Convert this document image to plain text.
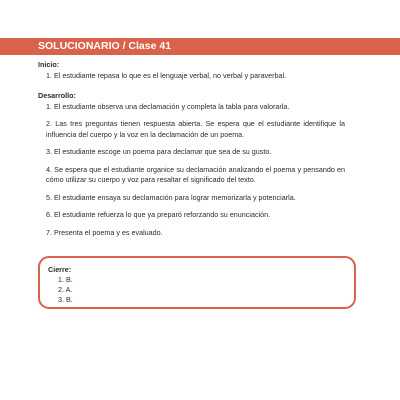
SOLUCIONARIO / Clase 41

Inicio:

1. El estudiante repasa lo que es el lenguaje verbal, no verbal y paraverbal.

Desarrollo:

1. El estudiante observa una declamación y completa la tabla para valorarla.

2. Las tres preguntas tienen respuesta abierta. Se espera que el estudiante identifique la influencia del cuerpo y la voz en la declamación de un poema.

3. El estudiante escoge un poema para declamar que sea de su gusto.

4. Se espera que el estudiante organice su declamación analizando el poema y pensando en cómo utilizar su cuerpo y voz para resaltar el significado del texto.

5. El estudiante ensaya su declamación para lograr memorizarla y potenciarla.

6. El estudiante refuerza lo que ya preparó reforzando su enunciación.

7. Presenta el poema y es evaluado.

Cierre:

1. B.
2. A.
3. B.
